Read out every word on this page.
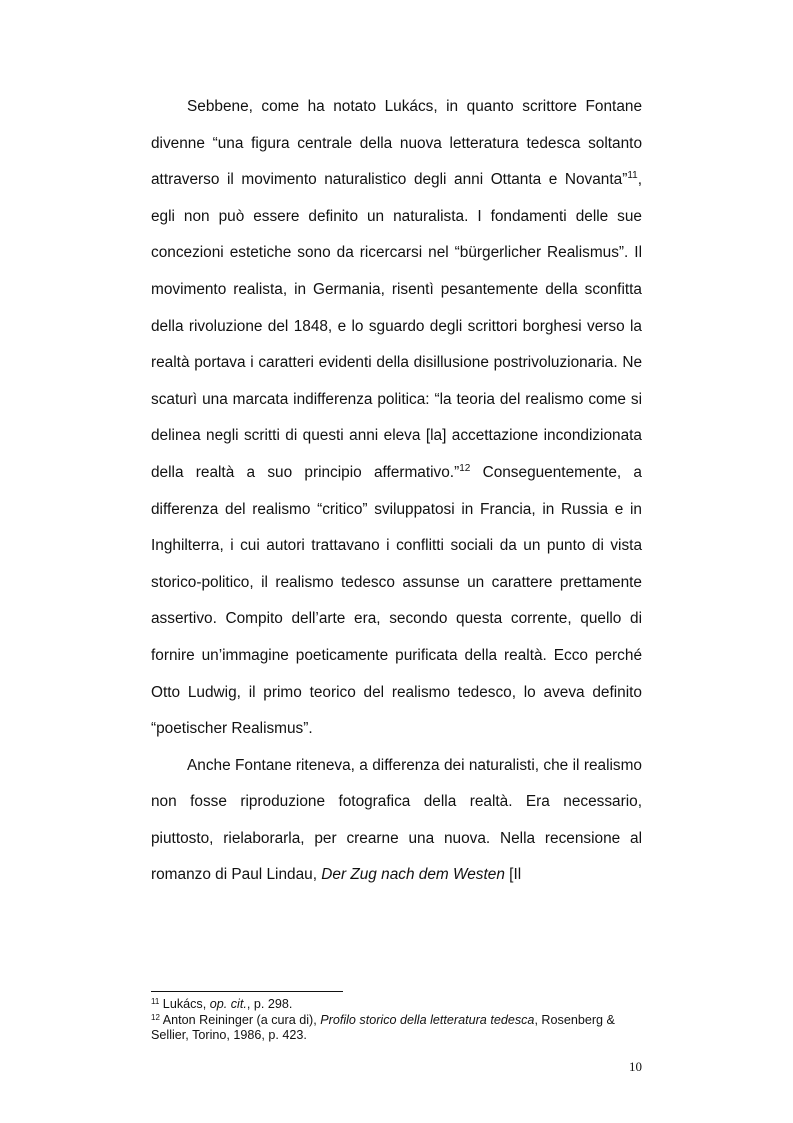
Sebbene, come ha notato Lukács, in quanto scrittore Fontane divenne “una figura centrale della nuova letteratura tedesca soltanto attraverso il movimento naturalistico degli anni Ottanta e Novanta”$^{11}$, egli non può essere definito un naturalista. I fondamenti delle sue concezioni estetiche sono da ricercarsi nel “bürgerlicher Realismus”. Il movimento realista, in Germania, risentì pesantemente della sconfitta della rivoluzione del 1848, e lo sguardo degli scrittori borghesi verso la realtà portava i caratteri evidenti della disillusione postrivoluzionaria. Ne scaturì una marcata indifferenza politica: “la teoria del realismo come si delinea negli scritti di questi anni eleva [la] accettazione incondizionata della realtà a suo principio affermativo.”$^{12}$ Conseguentemente, a differenza del realismo “critico” sviluppatosi in Francia, in Russia e in Inghilterra, i cui autori trattavano i conflitti sociali da un punto di vista storico-politico, il realismo tedesco assunse un carattere prettamente assertivo. Compito dell’arte era, secondo questa corrente, quello di fornire un’immagine poeticamente purificata della realtà. Ecco perché Otto Ludwig, il primo teorico del realismo tedesco, lo aveva definito “poetischer Realismus”.

Anche Fontane riteneva, a differenza dei naturalisti, che il realismo non fosse riproduzione fotografica della realtà. Era necessario, piuttosto, rielaborarla, per crearne una nuova. Nella recensione al romanzo di Paul Lindau, Der Zug nach dem Westen [Il

$^{11}$ Lukács, op. cit., p. 298.
$^{12}$ Anton Reininger (a cura di), Profilo storico della letteratura tedesca, Rosenberg & Sellier, Torino, 1986, p. 423.
10
